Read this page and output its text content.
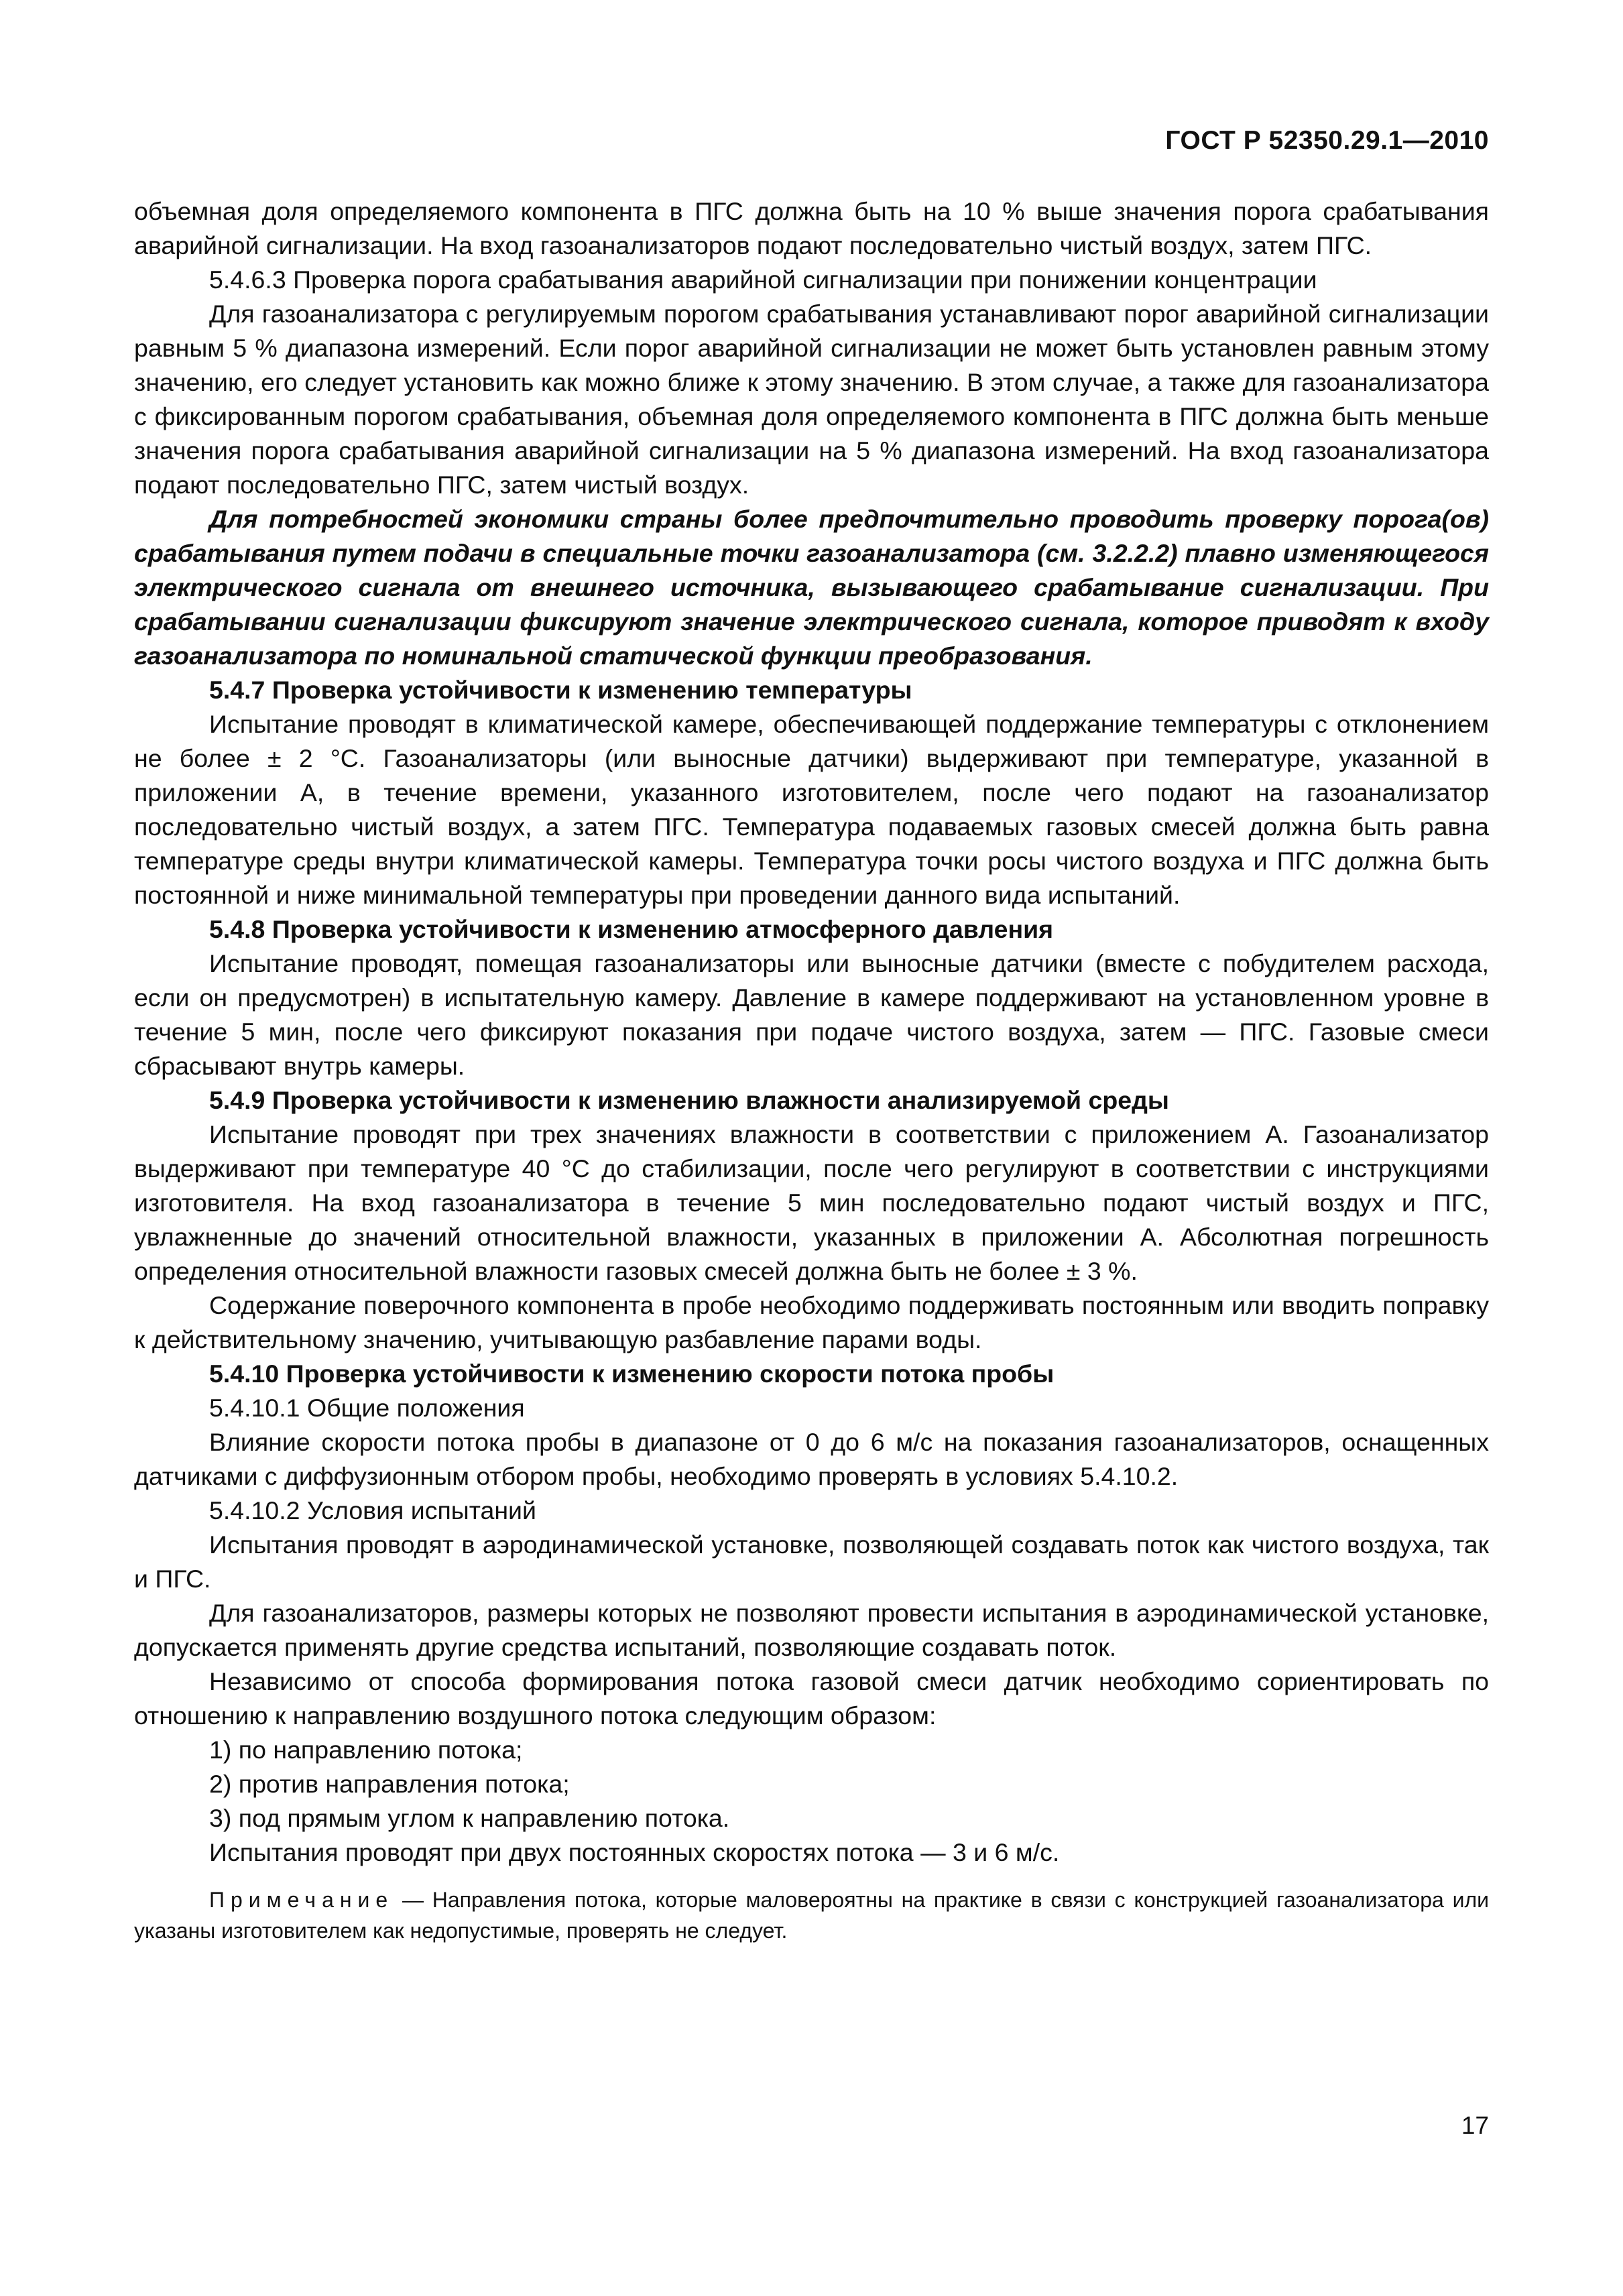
ГОСТ Р 52350.29.1—2010

объемная доля определяемого компонента в ПГС должна быть на 10 % выше значения порога срабатывания аварийной сигнализации. На вход газоанализаторов подают последовательно чистый воздух, затем ПГС.

5.4.6.3 Проверка порога срабатывания аварийной сигнализации при понижении концентрации

Для газоанализатора с регулируемым порогом срабатывания устанавливают порог аварийной сигнализации равным 5 % диапазона измерений. Если порог аварийной сигнализации не может быть установлен равным этому значению, его следует установить как можно ближе к этому значению. В этом случае, а также для газоанализатора с фиксированным порогом срабатывания, объемная доля определяемого компонента в ПГС должна быть меньше значения порога срабатывания аварийной сигнализации на 5 % диапазона измерений. На вход газоанализатора подают последовательно ПГС, затем чистый воздух.

Для потребностей экономики страны более предпочтительно проводить проверку порога(ов) срабатывания путем подачи в специальные точки газоанализатора (см. 3.2.2.2) плавно изменяющегося электрического сигнала от внешнего источника, вызывающего срабатывание сигнализации. При срабатывании сигнализации фиксируют значение электрического сигнала, которое приводят к входу газоанализатора по номинальной статической функции преобразования.

5.4.7 Проверка устойчивости к изменению температуры

Испытание проводят в климатической камере, обеспечивающей поддержание температуры с отклонением не более ± 2 °С. Газоанализаторы (или выносные датчики) выдерживают при температуре, указанной в приложении А, в течение времени, указанного изготовителем, после чего подают на газоанализатор последовательно чистый воздух, а затем ПГС. Температура подаваемых газовых смесей должна быть равна температуре среды внутри климатической камеры. Температура точки росы чистого воздуха и ПГС должна быть постоянной и ниже минимальной температуры при проведении данного вида испытаний.

5.4.8 Проверка устойчивости к изменению атмосферного давления

Испытание проводят, помещая газоанализаторы или выносные датчики (вместе с побудителем расхода, если он предусмотрен) в испытательную камеру. Давление в камере поддерживают на установленном уровне в течение 5 мин, после чего фиксируют показания при подаче чистого воздуха, затем — ПГС. Газовые смеси сбрасывают внутрь камеры.

5.4.9 Проверка устойчивости к изменению влажности анализируемой среды

Испытание проводят при трех значениях влажности в соответствии с приложением А. Газоанализатор выдерживают при температуре 40 °С до стабилизации, после чего регулируют в соответствии с инструкциями изготовителя. На вход газоанализатора в течение 5 мин последовательно подают чистый воздух и ПГС, увлажненные до значений относительной влажности, указанных в приложении А. Абсолютная погрешность определения относительной влажности газовых смесей должна быть не более ± 3 %.

Содержание поверочного компонента в пробе необходимо поддерживать постоянным или вводить поправку к действительному значению, учитывающую разбавление парами воды.

5.4.10 Проверка устойчивости к изменению скорости потока пробы

5.4.10.1 Общие положения

Влияние скорости потока пробы в диапазоне от 0 до 6 м/с на показания газоанализаторов, оснащенных датчиками с диффузионным отбором пробы, необходимо проверять в условиях 5.4.10.2.

5.4.10.2 Условия испытаний

Испытания проводят в аэродинамической установке, позволяющей создавать поток как чистого воздуха, так и ПГС.

Для газоанализаторов, размеры которых не позволяют провести испытания в аэродинамической установке, допускается применять другие средства испытаний, позволяющие создавать поток.

Независимо от способа формирования потока газовой смеси датчик необходимо сориентировать по отношению к направлению воздушного потока следующим образом:

1) по направлению потока;

2) против направления потока;

3) под прямым углом к направлению потока.

Испытания проводят при двух постоянных скоростях потока — 3 и 6 м/с.

Примечание — Направления потока, которые маловероятны на практике в связи с конструкцией газоанализатора или указаны изготовителем как недопустимые, проверять не следует.

17
